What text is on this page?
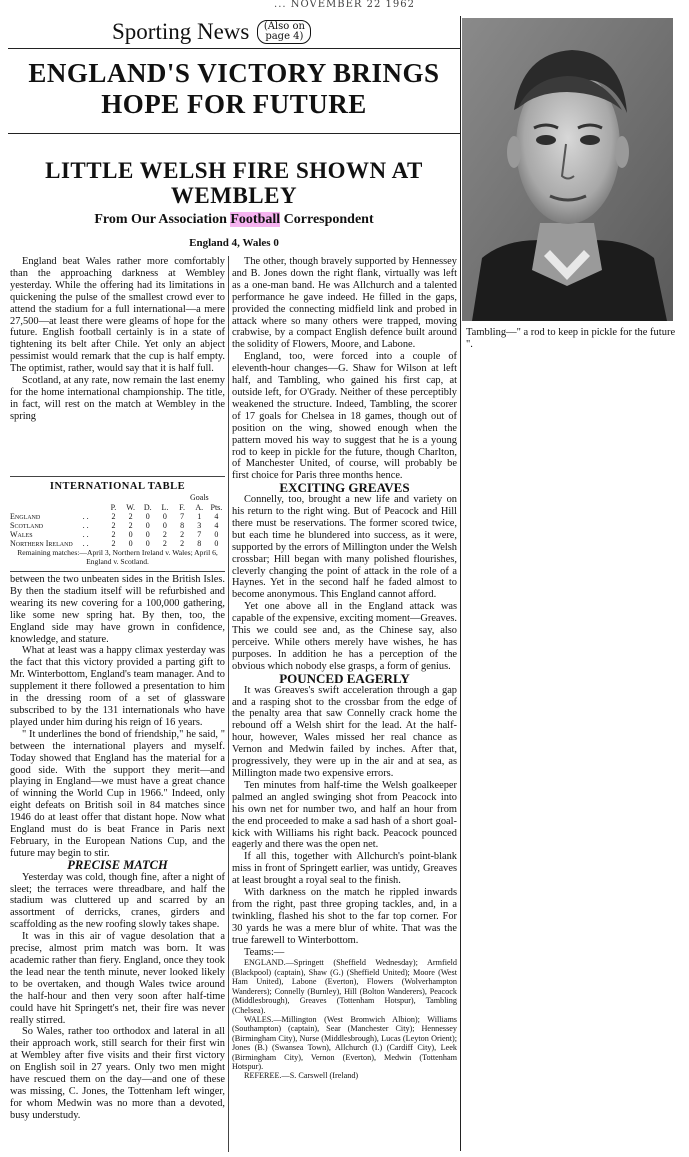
... NOVEMBER 22 1962
Sporting News	(Also on page 4)
ENGLAND'S VICTORY BRINGS HOPE FOR FUTURE
LITTLE WELSH FIRE SHOWN AT WEMBLEY
From Our Association Football Correspondent
England 4, Wales 0

England beat Wales rather more comfortably than the approaching darkness at Wembley yesterday. While the offering had its limitations in quickening the pulse of the smallest crowd ever to attend the stadium for a full international—a mere 27,500—at least there were gleams of hope for the future. English football certainly is in a state of tightening its belt after Chile. Yet only an abject pessimist would remark that the cup is half empty. The optimist, rather, would say that it is half full.

Scotland, at any rate, now remain the last enemy for the home international championship. The title, in fact, will rest on the match at Wembley in the spring

INTERNATIONAL TABLE
Goals
		P.	W.	D.	L.	F.	A.	Pts.
England	. .	2	2	0	0	7	1	4
Scotland	. .	2	2	0	0	8	3	4
Wales	. .	2	0	0	2	2	7	0
Northern Ireland	. .	2	0	0	2	2	8	0
Remaining matches:—April 3, Northern Ireland v. Wales; April 6, England v. Scotland.

between the two unbeaten sides in the British Isles. By then the stadium itself will be refurbished and wearing its new covering for a 100,000 gathering, like some new spring hat. By then, too, the England side may have grown in confidence, knowledge, and stature.

What at least was a happy climax yesterday was the fact that this victory provided a parting gift to Mr. Winterbottom, England's team manager. And to supplement it there followed a presentation to him in the dressing room of a set of glassware subscribed to by the 131 internationals who have played under him during his reign of 16 years.

" It underlines the bond of friendship," he said, " between the international players and myself. Today showed that England has the material for a good side. With the support they merit—and playing in England—we must have a great chance of winning the World Cup in 1966." Indeed, only eight defeats on British soil in 84 matches since 1946 do at least offer that distant hope. Now what England must do is beat France in Paris next February, in the European Nations Cup, and the future may begin to stir.

PRECISE MATCH

Yesterday was cold, though fine, after a night of sleet; the terraces were threadbare, and half the stadium was cluttered up and scarred by an assortment of derricks, cranes, girders and scaffolding as the new roofing slowly takes shape.

It was in this air of vague desolation that a precise, almost prim match was born. It was academic rather than fiery. England, once they took the lead near the tenth minute, never looked likely to be overtaken, and though Wales twice around the half-hour and then very soon after half-time could have hit Springett's net, their fire was never really stirred.

So Wales, rather too orthodox and lateral in all their approach work, still search for their first win at Wembley after five visits and their first victory on English soil in 27 years. Only two men might have rescued them on the day—and one of these was missing, C. Jones, the Tottenham left winger, for whom Medwin was no more than a devoted, busy understudy.

The other, though bravely supported by Hennessey and B. Jones down the right flank, virtually was left as a one-man band. He was Allchurch and a talented performance he gave indeed. He filled in the gaps, provided the connecting midfield link and probed in attack where so many others were trapped, moving crabwise, by a compact English defence built around the solidity of Flowers, Moore, and Labone.

England, too, were forced into a couple of eleventh-hour changes—G. Shaw for Wilson at left half, and Tambling, who gained his first cap, at outside left, for O'Grady. Neither of these perceptibly weakened the structure. Indeed, Tambling, the scorer of 17 goals for Chelsea in 18 games, though out of position on the wing, showed enough when the pattern moved his way to suggest that he is a young rod to keep in pickle for the future, though Charlton, of Manchester United, of course, will probably be first choice for Paris three months hence.

EXCITING GREAVES

Connelly, too, brought a new life and variety on his return to the right wing. But of Peacock and Hill there must be reservations. The former scored twice, but each time he blundered into success, as it were, supported by the errors of Millington under the Welsh crossbar; Hill began with many polished flourishes, cleverly changing the point of attack in the role of a Haynes. Yet in the second half he faded almost to become anonymous. This England cannot afford.

Yet one above all in the England attack was capable of the expensive, exciting moment—Greaves. This we could see and, as the Chinese say, also perceive. While others merely have wishes, he has purposes. In addition he has a perception of the obvious which nobody else grasps, a form of genius.

POUNCED EAGERLY

It was Greaves's swift acceleration through a gap and a rasping shot to the crossbar from the edge of the penalty area that saw Connelly crack home the rebound off a Welsh shirt for the lead. At the half-hour, however, Wales missed her real chance as Vernon and Medwin failed by inches. After that, progressively, they were up in the air and at sea, as Millington made two expensive errors.

Ten minutes from half-time the Welsh goalkeeper palmed an angled swinging shot from Peacock into his own net for number two, and half an hour from the end proceeded to make a sad hash of a short goal-kick with Williams his right back. Peacock pounced eagerly and there was the open net.

If all this, together with Allchurch's point-blank miss in front of Springett earlier, was untidy, Greaves at least brought a royal seal to the finish.

With darkness on the match he rippled inwards from the right, past three groping tackles, and, in a twinkling, flashed his shot to the far top corner. For 30 yards he was a mere blur of white. That was the true farewell to Winterbottom.

Teams:—

ENGLAND.—Springett (Sheffield Wednesday); Armfield (Blackpool) (captain), Shaw (G.) (Sheffield United); Moore (West Ham United), Labone (Everton), Flowers (Wolverhampton Wanderers); Connelly (Burnley), Hill (Bolton Wanderers), Peacock (Middlesbrough), Greaves (Tottenham Hotspur), Tambling (Chelsea).

WALES.—Millington (West Bromwich Albion); Williams (Southampton) (captain), Sear (Manchester City); Hennessey (Birmingham City), Nurse (Middlesbrough), Lucas (Leyton Orient); Jones (B.) (Swansea Town), Allchurch (I.) (Cardiff City), Leek (Birmingham City), Vernon (Everton), Medwin (Tottenham Hotspur).

REFEREE.—S. Carswell (Ireland)

Tambling—" a rod to keep in pickle for the future ".
